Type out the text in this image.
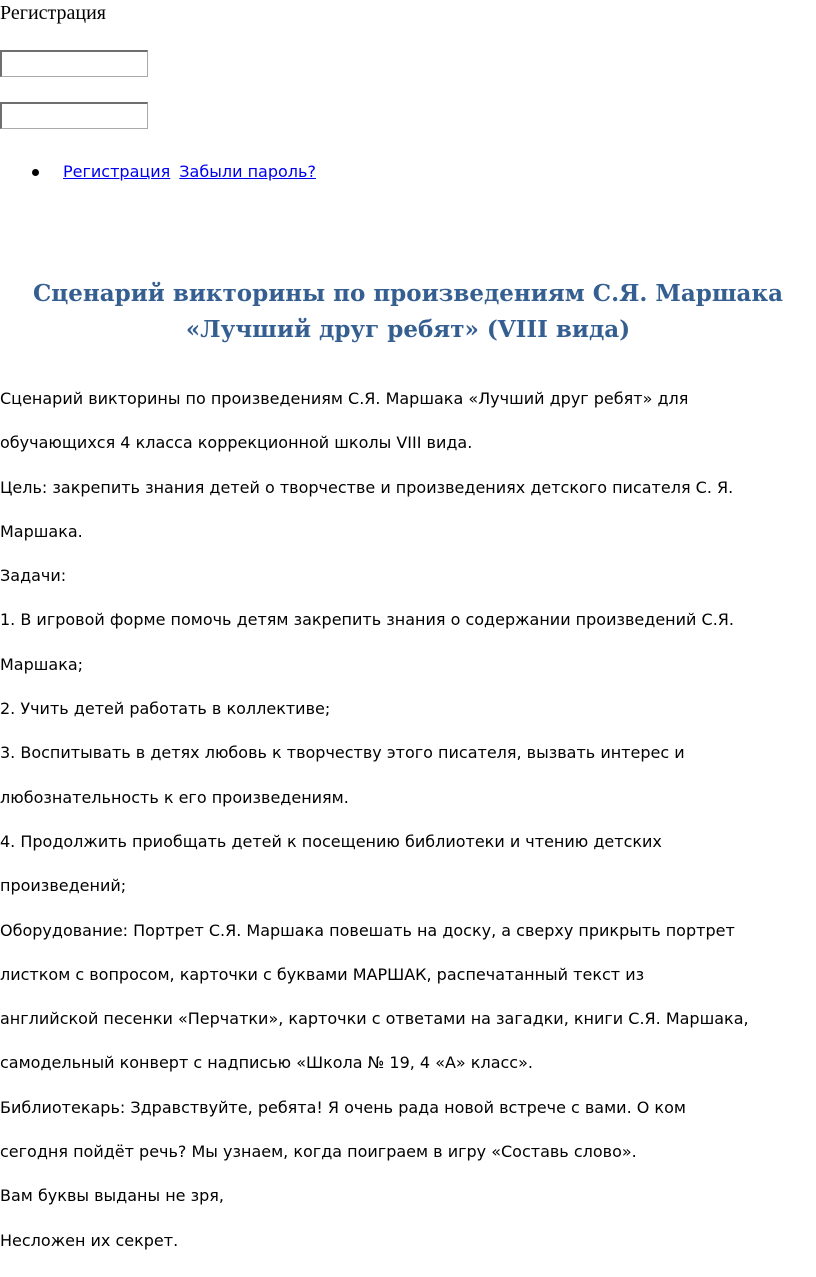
Регистрация
Регистрация Забыли пароль?
Сценарий викторины по произведениям С.Я. Маршака «Лучший друг ребят» (VIII вида)
Сценарий викторины по произведениям С.Я. Маршака «Лучший друг ребят» для
обучающихся 4 класса коррекционной школы VIII вида.
Цель: закрепить знания детей о творчестве и произведениях детского писателя С. Я.
Маршака.
Задачи:
1. В игровой форме помочь детям закрепить знания о содержании произведений С.Я.
Маршака;
2. Учить детей работать в коллективе;
3. Воспитывать в детях любовь к творчеству этого писателя, вызвать интерес и
любознательность к его произведениям.
4. Продолжить приобщать детей к посещению библиотеки и чтению детских
произведений;
Оборудование: Портрет С.Я. Маршака повешать на доску, а сверху прикрыть портрет
листком с вопросом, карточки с буквами МАРШАК, распечатанный текст из
английской песенки «Перчатки», карточки с ответами на загадки, книги С.Я. Маршака,
самодельный конверт с надписью «Школа № 19, 4 «А» класс».
Библиотекарь: Здравствуйте, ребята! Я очень рада новой встрече с вами. О ком
сегодня пойдёт речь? Мы узнаем, когда поиграем в игру «Составь слово».
Вам буквы выданы не зря,
Несложен их секрет.
